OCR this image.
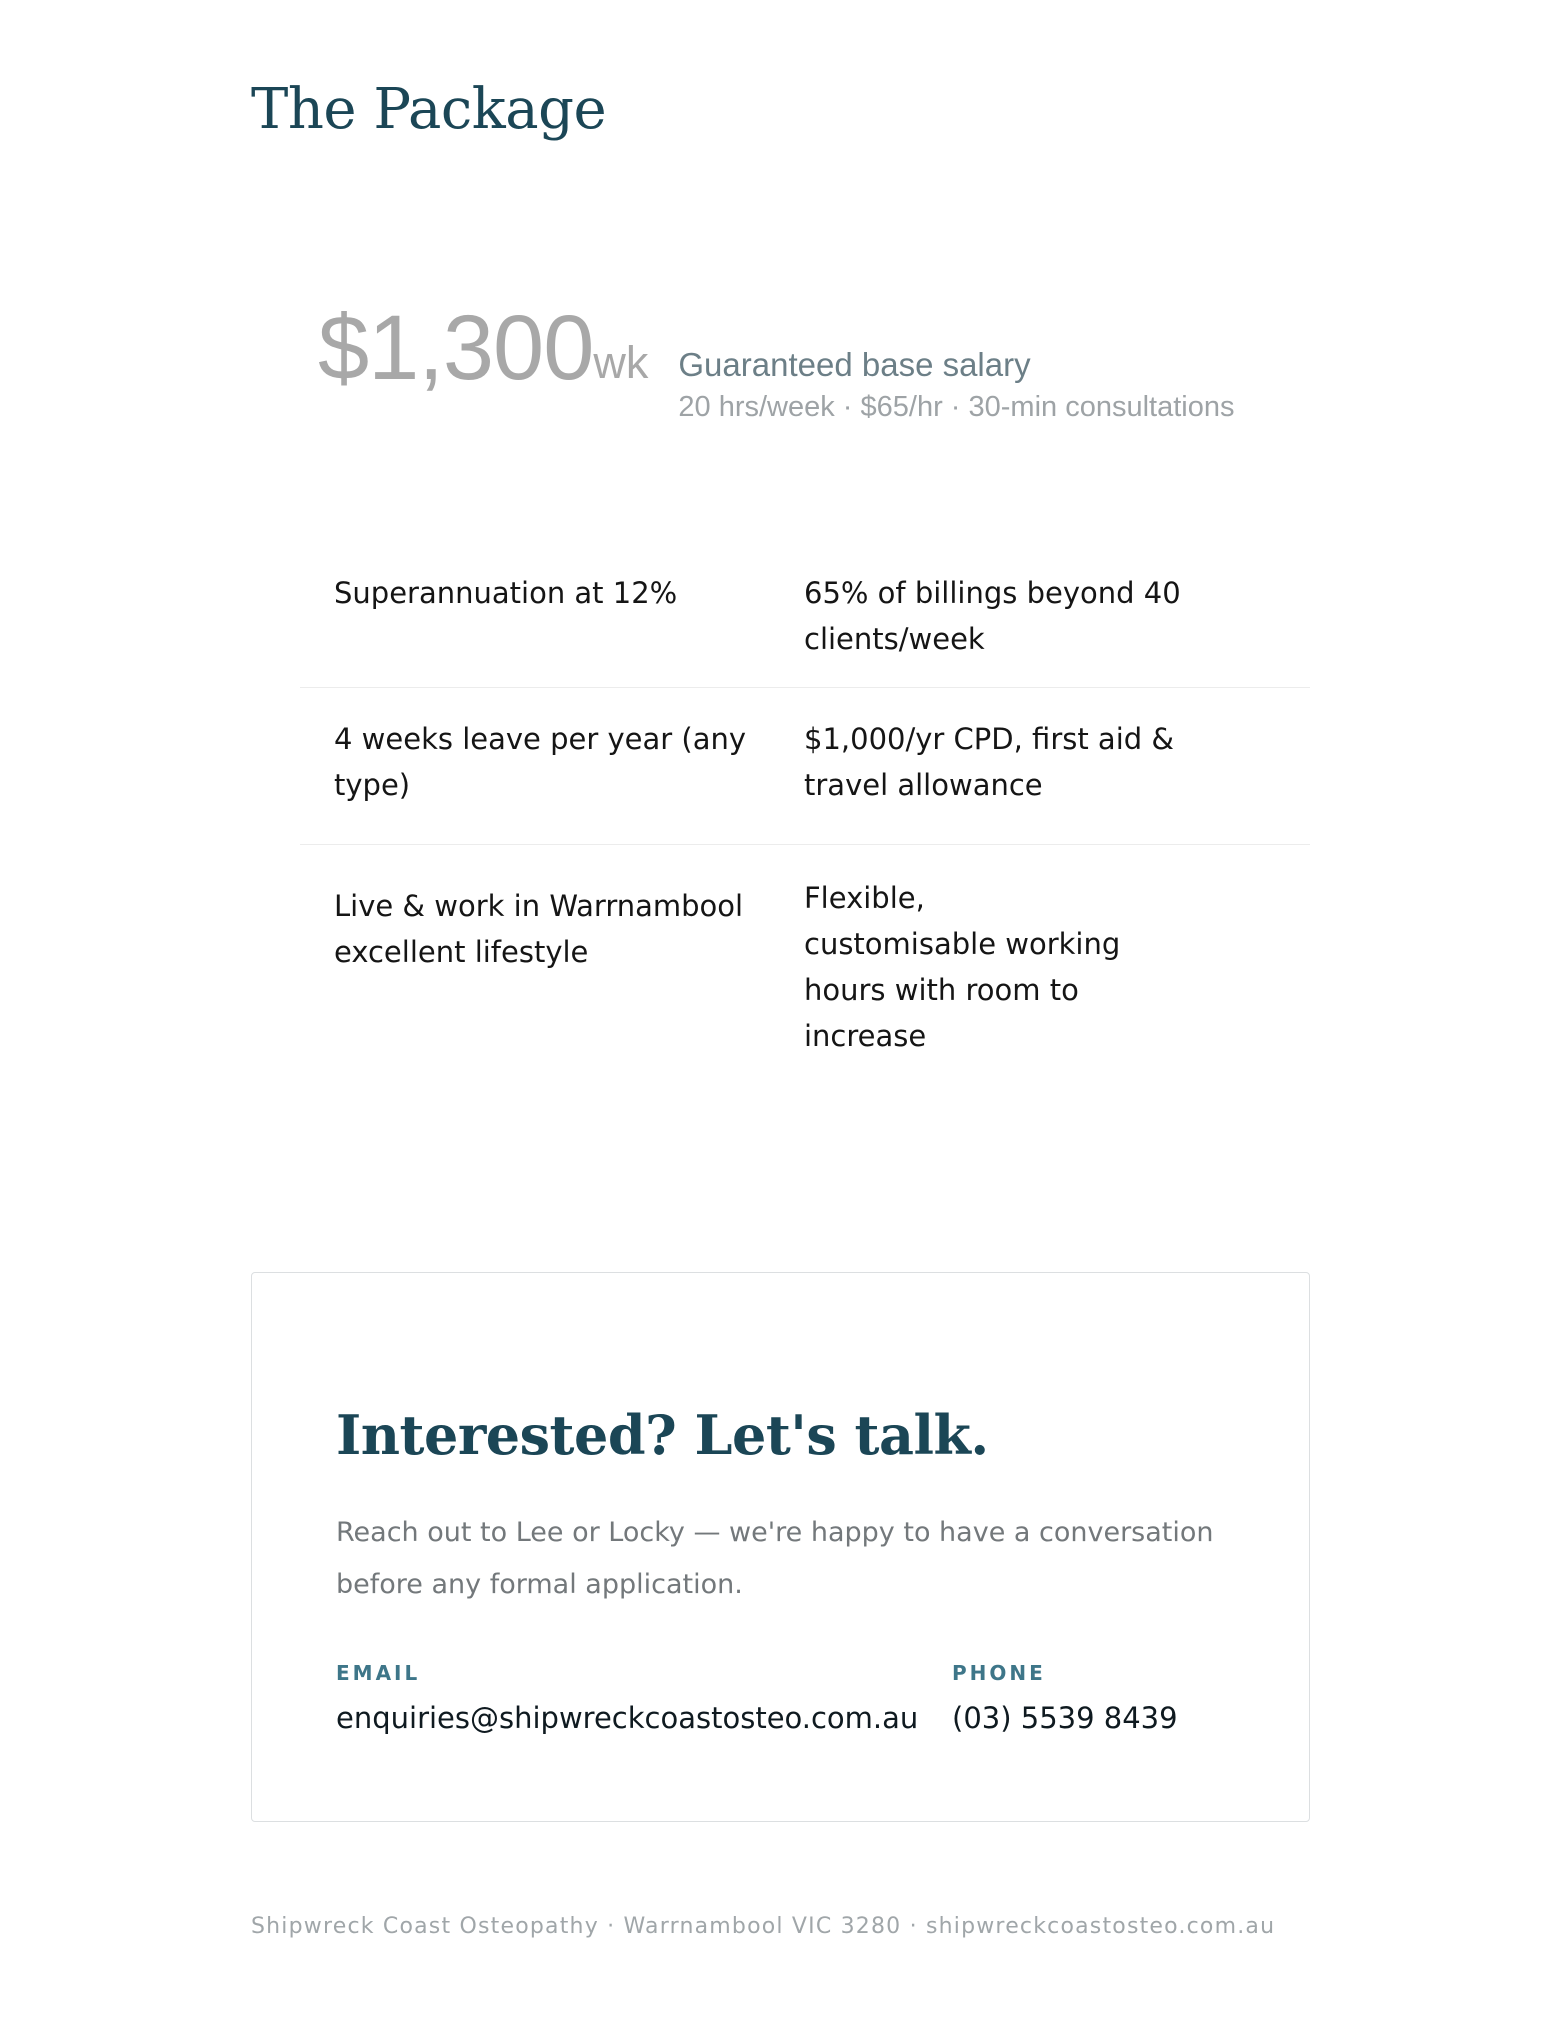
The Package
$1,300 wk Guaranteed base salary
20 hrs/week · $65/hr · 30-min consultations
Superannuation at 12%	65% of billings beyond 40 clients/week
4 weeks leave per year (any type)
$1,000/yr CPD, first aid & travel allowance
Live & work in Warrnambool excellent lifestyle
Flexible, customisable working hours with room to increase
Interested? Let's talk.

Reach out to Lee or Locky — we're happy to have a conversation before any formal application.

EMAIL
enquiries@shipwreckcoastosteo.com.au
PHONE
(03) 5539 8439
Shipwreck Coast Osteopathy · Warrnambool VIC 3280 · shipwreckcoastosteo.com.au
